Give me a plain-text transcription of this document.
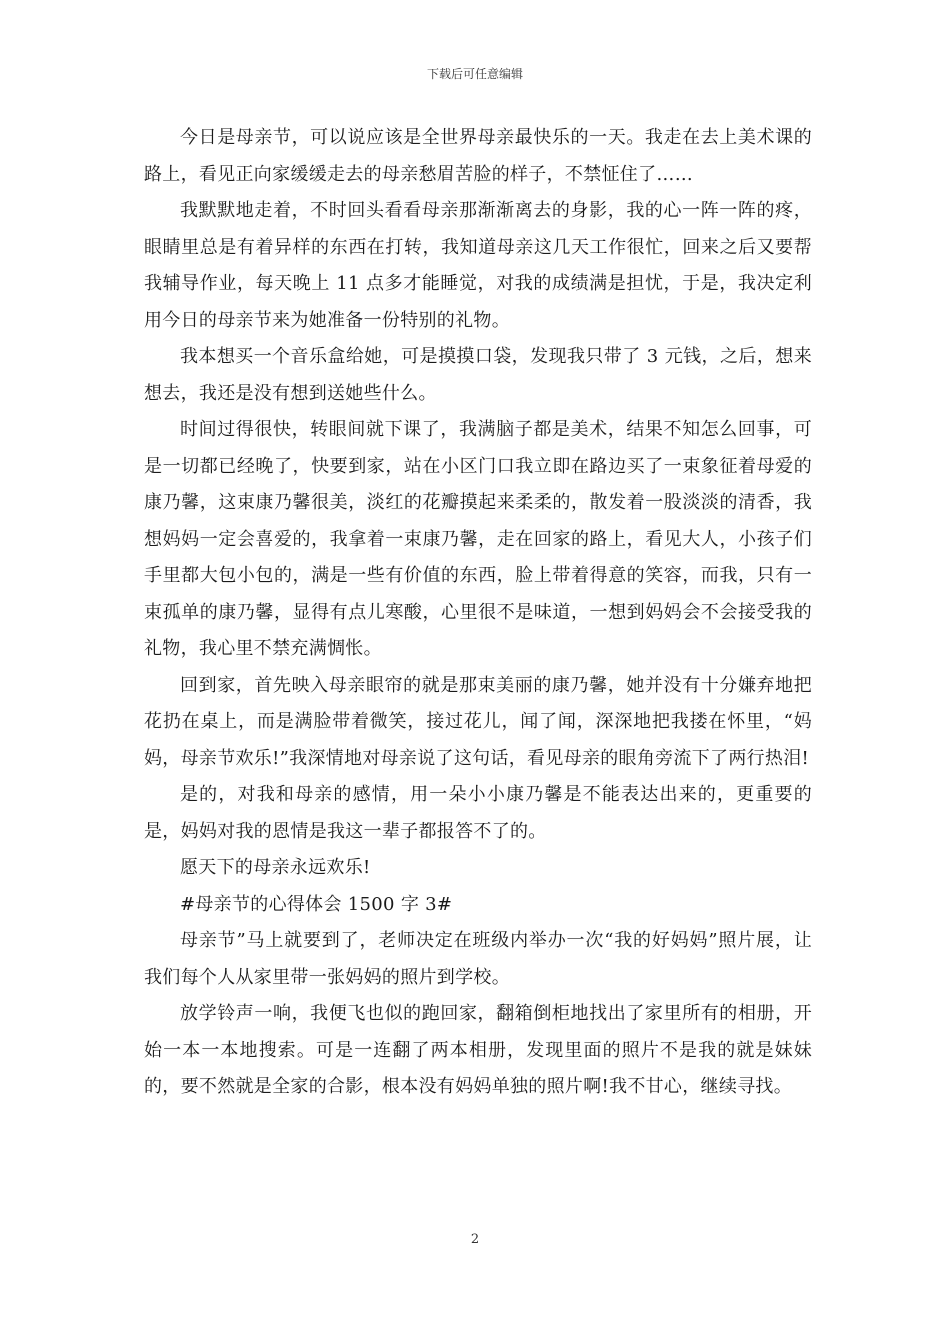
下载后可任意编辑

今日是母亲节，可以说应该是全世界母亲最快乐的一天。我走在去上美术课的路上，看见正向家缓缓走去的母亲愁眉苦脸的样子，不禁怔住了……

我默默地走着，不时回头看看母亲那渐渐离去的身影，我的心一阵一阵的疼，眼睛里总是有着异样的东西在打转，我知道母亲这几天工作很忙，回来之后又要帮我辅导作业，每天晚上 11 点多才能睡觉，对我的成绩满是担忧，于是，我决定利用今日的母亲节来为她准备一份特别的礼物。

我本想买一个音乐盒给她，可是摸摸口袋，发现我只带了 3 元钱，之后，想来想去，我还是没有想到送她些什么。

时间过得很快，转眼间就下课了，我满脑子都是美术，结果不知怎么回事，可是一切都已经晚了，快要到家，站在小区门口我立即在路边买了一束象征着母爱的康乃馨，这束康乃馨很美，淡红的花瓣摸起来柔柔的，散发着一股淡淡的清香，我想妈妈一定会喜爱的，我拿着一束康乃馨，走在回家的路上，看见大人，小孩子们手里都大包小包的，满是一些有价值的东西，脸上带着得意的笑容，而我，只有一束孤单的康乃馨，显得有点儿寒酸，心里很不是味道，一想到妈妈会不会接受我的礼物，我心里不禁充满惆怅。

回到家，首先映入母亲眼帘的就是那束美丽的康乃馨，她并没有十分嫌弃地把花扔在桌上，而是满脸带着微笑，接过花儿，闻了闻，深深地把我搂在怀里，“妈妈，母亲节欢乐!”我深情地对母亲说了这句话，看见母亲的眼角旁流下了两行热泪!

是的，对我和母亲的感情，用一朵小小康乃馨是不能表达出来的，更重要的是，妈妈对我的恩情是我这一辈子都报答不了的。

愿天下的母亲永远欢乐!

#母亲节的心得体会 1500 字 3#

母亲节”马上就要到了，老师决定在班级内举办一次“我的好妈妈”照片展，让我们每个人从家里带一张妈妈的照片到学校。

放学铃声一响，我便飞也似的跑回家，翻箱倒柜地找出了家里所有的相册，开始一本一本地搜索。可是一连翻了两本相册，发现里面的照片不是我的就是妹妹的，要不然就是全家的合影，根本没有妈妈单独的照片啊!我不甘心，继续寻找。

2
